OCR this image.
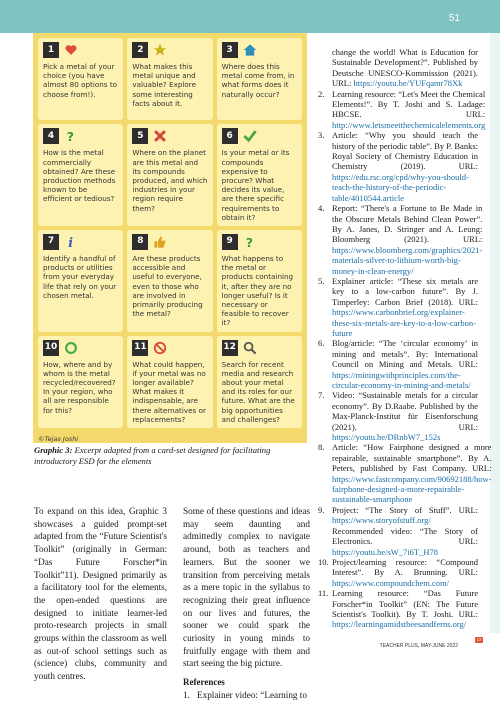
51
1
Pick a metal of your choice (you have almost 80 options to choose from!).
2
What makes this metal unique and valuable? Explore some interesting facts about it.
3
Where does this metal come from, in what forms does it naturally occur?
4 ?
How is the metal commercially obtained? Are these production methods known to be efficient or tedious?
5
Where on the planet are this metal and its compounds produced, and which industries in your region require them?
6
Is your metal or its compounds expensive to procure? What decides its value, are there specific requirements to obtain it?
7 i
Identify a handful of products or utilities from your everyday life that rely on your chosen metal.
8
Are these products accessible and useful to everyone, even to those who are involved in primarily producing the metal?
9 ?
What happens to the metal or products containing it, after they are no longer useful? Is it necessary or feasible to recover it?
10
How, where and by whom is the metal recycled/recovered? In your region, who all are responsible for this?
11
What could happen, if your metal was no longer available? What makes it indispensable, are there alternatives or replacements?
12
Search for recent media and research about your metal and its roles for our future. What are the big opportunities and challenges?
©Tejas Joshi
Graphic 3: Excerpt adapted from a card-set designed for facilitating introductory ESD for the elements
To expand on this idea, Graphic 3 showcases a guided prompt-set adapted from the “Future Scientist's Toolkit” (originally in German: “Das Future Forscher*in Toolkit”11). Designed primarily as a facilitatory tool for the elements, the open-ended questions are designed to initiate learner-led proto-research projects in small groups within the classroom as well as out-of school settings such as (science) clubs, community and youth centres.

Some of these questions and ideas may seem daunting and admittedly complex to navigate around, both as teachers and learners. But the sooner we transition from perceiving metals as a mere topic in the syllabus to recognizing their great influence on our lives and futures, the sooner we could spark the curiosity in young minds to fruitfully engage with them and start seeing the big picture.

References
1. Explainer video: “Learning to
change the world! What is Education for Sustainable Development?”. Published by Deutsche UNESCO-Kommission (2021). URL: https://youtu.be/YUFqamr78Xk
2. Learning resource: “Let's Meet the Chemical Elements!”. By T. Joshi and S. Ladage: HBCSE. URL: http://www.letsmeetthechemicalelements.org
3. Article: “Why you should teach the history of the periodic table”. By P. Banks: Royal Society of Chemistry Education in Chemistry (2019). URL: https://edu.rsc.org/cpd/why-you-should-teach-the-history-of-the-periodic-table/4010544.article
4. Report: “There's a Fortune to Be Made in the Obscure Metals Behind Clean Power”. By A. Janes, D. Stringer and A. Leung: Bloomberg (2021). URL: https://www.bloomberg.com/graphics/2021-materials-silver-to-lithium-worth-big-money-in-clean-energy/
5. Explainer article: “These six metals are key to a low-carbon future”. By J. Timperley: Carbon Brief (2018). URL: https://www.carbonbrief.org/explainer-these-six-metals-are-key-to-a-low-carbon-future
6. Blog/article: “The ‘circular economy’ in mining and metals”. By: International Council on Mining and Metals. URL: https://miningwithprinciples.com/the-circular-economy-in-mining-and-metals/
7. Video: “Sustainable metals for a circular economy”. By D.Raabe. Published by the Max-Planck-Institut für Eisenforschung (2021). URL: https://youtu.be/DRnbW7_152s
8. Article: “How Fairphone designed a more repairable, sustainable smartphone”. By A. Peters, published by Fast Company. URL: https://www.fastcompany.com/90692188/how-fairphone-designed-a-more-repairable-sustainable-smartphone
9. Project: “The Story of Stuff”. URL: https://www.storyofstuff.org/
Recommended video: “The Story of Electronics. URL: https://youtu.be/sW_7i6T_H78
10. Project/learning resource: “Compound Interest”. By A. Brunning. URL: https://www.compoundchem.com/
11. Learning resource: “Das Future Forscher*in Toolkit” (EN: The Future Scientist's Toolkit). By T. Joshi. URL: https://learningamidstbeesandferns.org/
17
TEACHER PLUS, MAY-JUNE 2022
